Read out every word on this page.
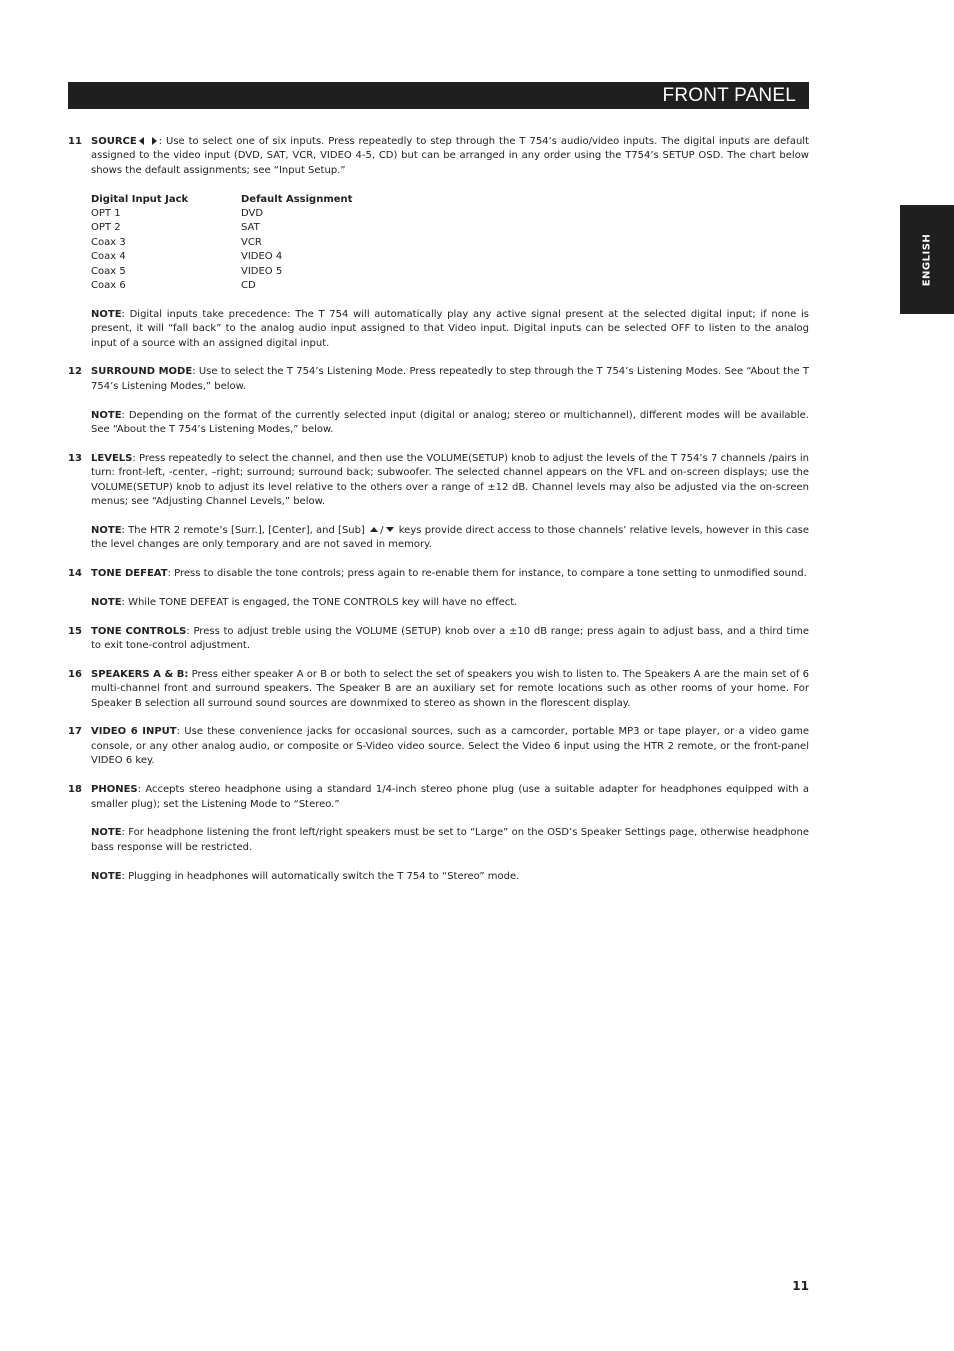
FRONT PANEL
ENGLISH
11 SOURCE : Use to select one of six inputs. Press repeatedly to step through the T 754’s audio/video inputs. The digital inputs are default assigned to the video input (DVD, SAT, VCR, VIDEO 4-5, CD) but can be arranged in any order using the T754’s SETUP OSD. The chart below shows the default assignments; see “Input Setup.”

Digital Input Jack	Default Assignment
OPT 1	DVD
OPT 2	SAT
Coax 3	VCR
Coax 4	VIDEO 4
Coax 5	VIDEO 5
Coax 6	CD

NOTE: Digital inputs take precedence: The T 754 will automatically play any active signal present at the selected digital input; if none is present, it will “fall back” to the analog audio input assigned to that Video input. Digital inputs can be selected OFF to listen to the analog input of a source with an assigned digital input.

12 SURROUND MODE: Use to select the T 754’s Listening Mode. Press repeatedly to step through the T 754’s Listening Modes. See “About the T 754’s Listening Modes,” below.

NOTE: Depending on the format of the currently selected input (digital or analog; stereo or multichannel), different modes will be available. See “About the T 754’s Listening Modes,” below.

13 LEVELS: Press repeatedly to select the channel, and then use the VOLUME(SETUP) knob to adjust the levels of the T 754’s 7 channels /pairs in turn: front-left, -center, –right; surround; surround back; subwoofer. The selected channel appears on the VFL and on-screen displays; use the VOLUME(SETUP) knob to adjust its level relative to the others over a range of ±12 dB. Channel levels may also be adjusted via the on-screen menus; see “Adjusting Channel Levels,” below.

NOTE: The HTR 2 remote’s [Surr.], [Center], and [Sub] / keys provide direct access to those channels’ relative levels, however in this case the level changes are only temporary and are not saved in memory.

14 TONE DEFEAT: Press to disable the tone controls; press again to re-enable them for instance, to compare a tone setting to unmodified sound.

NOTE: While TONE DEFEAT is engaged, the TONE CONTROLS key will have no effect.

15 TONE CONTROLS: Press to adjust treble using the VOLUME (SETUP) knob over a ±10 dB range; press again to adjust bass, and a third time to exit tone-control adjustment.

16 SPEAKERS A & B: Press either speaker A or B or both to select the set of speakers you wish to listen to. The Speakers A are the main set of 6 multi-channel front and surround speakers. The Speaker B are an auxiliary set for remote locations such as other rooms of your home. For Speaker B selection all surround sound sources are downmixed to stereo as shown in the florescent display.

17 VIDEO 6 INPUT: Use these convenience jacks for occasional sources, such as a camcorder, portable MP3 or tape player, or a video game console, or any other analog audio, or composite or S-Video video source. Select the Video 6 input using the HTR 2 remote, or the front-panel VIDEO 6 key.

18 PHONES: Accepts stereo headphone using a standard 1/4-inch stereo phone plug (use a suitable adapter for headphones equipped with a smaller plug); set the Listening Mode to “Stereo.”

NOTE: For headphone listening the front left/right speakers must be set to “Large” on the OSD’s Speaker Settings page, otherwise headphone bass response will be restricted.

NOTE: Plugging in headphones will automatically switch the T 754 to “Stereo” mode.

11
